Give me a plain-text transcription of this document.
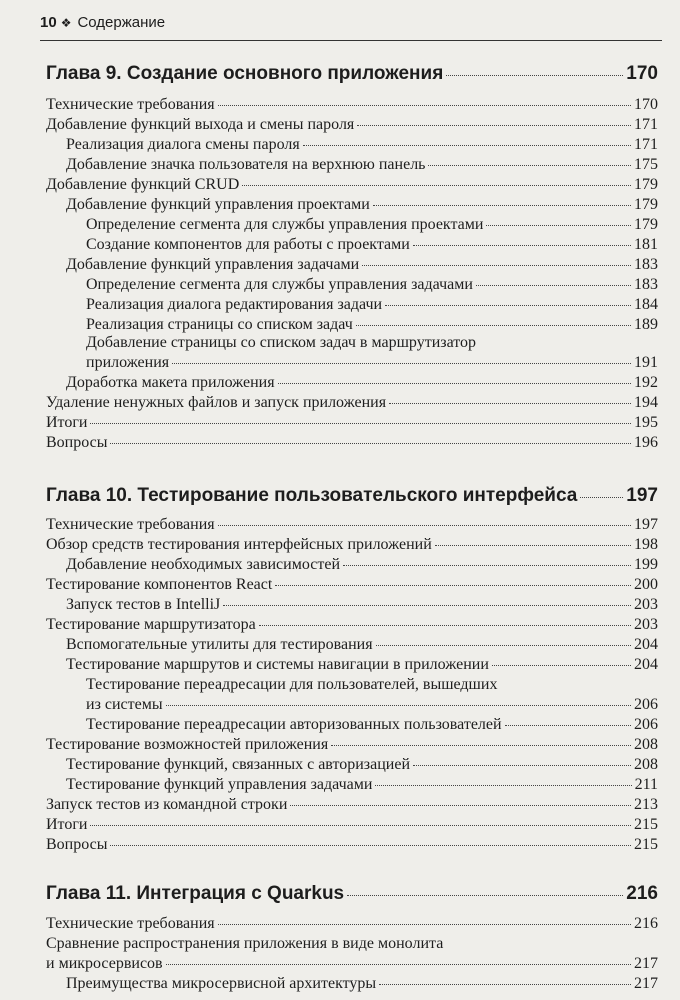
10 ❖ Содержание
Глава 9. Создание основного приложения	170
Технические требования	170
Добавление функций выхода и смены пароля	171
Реализация диалога смены пароля	171
Добавление значка пользователя на верхнюю панель	175
Добавление функций CRUD	179
Добавление функций управления проектами	179
Определение сегмента для службы управления проектами	179
Создание компонентов для работы с проектами	181
Добавление функций управления задачами	183
Определение сегмента для службы управления задачами	183
Реализация диалога редактирования задачи	184
Реализация страницы со списком задач	189
Добавление страницы со списком задач в маршрутизатор
приложения	191
Доработка макета приложения	192
Удаление ненужных файлов и запуск приложения	194
Итоги	195
Вопросы	196
Глава 10. Тестирование пользовательского интерфейса	197
Технические требования	197
Обзор средств тестирования интерфейсных приложений	198
Добавление необходимых зависимостей	199
Тестирование компонентов React	200
Запуск тестов в IntelliJ	203
Тестирование маршрутизатора	203
Вспомогательные утилиты для тестирования	204
Тестирование маршрутов и системы навигации в приложении	204
Тестирование переадресации для пользователей, вышедших
из системы	206
Тестирование переадресации авторизованных пользователей	206
Тестирование возможностей приложения	208
Тестирование функций, связанных с авторизацией	208
Тестирование функций управления задачами	211
Запуск тестов из командной строки	213
Итоги	215
Вопросы	215
Глава 11. Интеграция с Quarkus	216
Технические требования	216
Сравнение распространения приложения в виде монолита
и микросервисов	217
Преимущества микросервисной архитектуры	217
